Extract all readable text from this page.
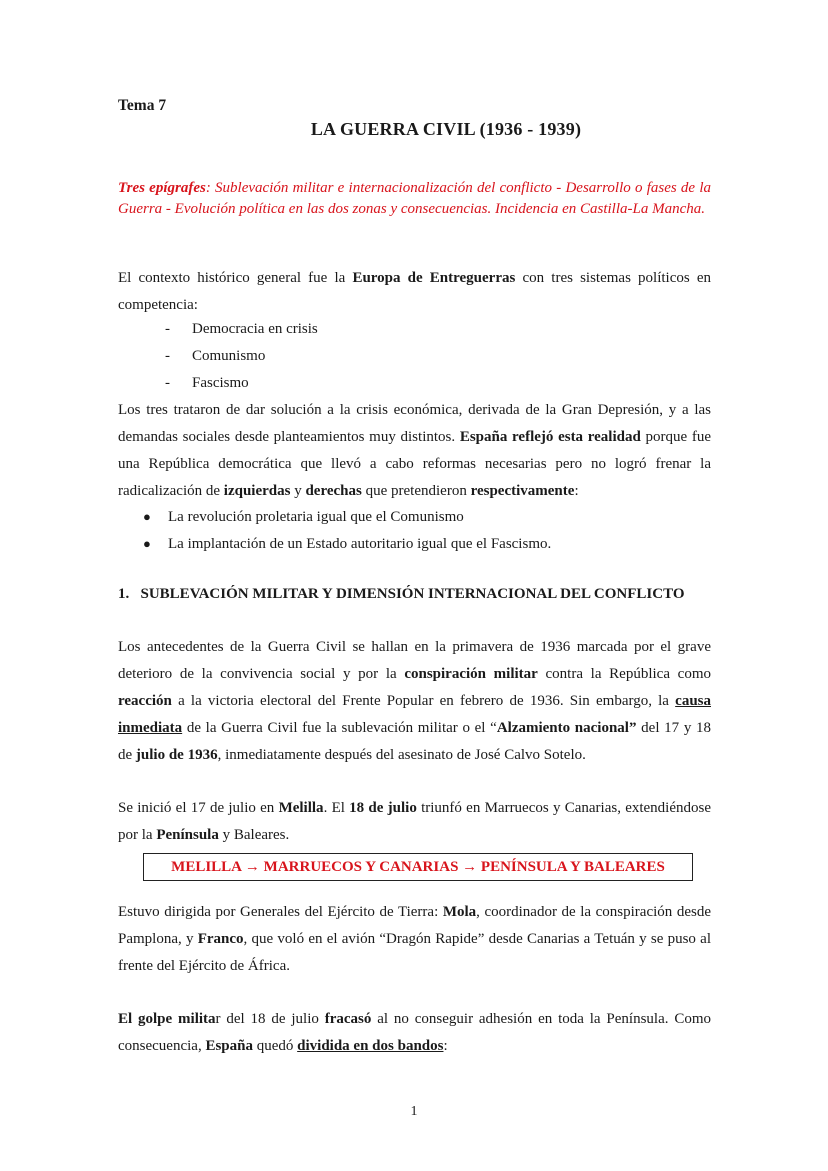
Tema 7
LA GUERRA CIVIL (1936 - 1939)
Tres epígrafes: Sublevación militar e internacionalización del conflicto - Desarrollo o fases de la Guerra - Evolución política en las dos zonas y consecuencias. Incidencia en Castilla-La Mancha.
El contexto histórico general fue la Europa de Entreguerras con tres sistemas políticos en competencia:
- Democracia en crisis
- Comunismo
- Fascismo
Los tres trataron de dar solución a la crisis económica, derivada de la Gran Depresión, y a las demandas sociales desde planteamientos muy distintos. España reflejó esta realidad porque fue una República democrática que llevó a cabo reformas necesarias pero no logró frenar la radicalización de izquierdas y derechas que pretendieron respectivamente:
● La revolución proletaria igual que el Comunismo
● La implantación de un Estado autoritario igual que el Fascismo.
1. SUBLEVACIÓN MILITAR Y DIMENSIÓN INTERNACIONAL DEL CONFLICTO
Los antecedentes de la Guerra Civil se hallan en la primavera de 1936 marcada por el grave deterioro de la convivencia social y por la conspiración militar contra la República como reacción a la victoria electoral del Frente Popular en febrero de 1936. Sin embargo, la causa inmediata de la Guerra Civil fue la sublevación militar o el “Alzamiento nacional” del 17 y 18 de julio de 1936, inmediatamente después del asesinato de José Calvo Sotelo.
Se inició el 17 de julio en Melilla. El 18 de julio triunfó en Marruecos y Canarias, extendiéndose por la Península y Baleares.
MELILLA → MARRUECOS Y CANARIAS → PENÍNSULA Y BALEARES
Estuvo dirigida por Generales del Ejército de Tierra: Mola, coordinador de la conspiración desde Pamplona, y Franco, que voló en el avión “Dragón Rapide” desde Canarias a Tetuán y se puso al frente del Ejército de África.
El golpe militar del 18 de julio fracasó al no conseguir adhesión en toda la Península. Como consecuencia, España quedó dividida en dos bandos:
1
